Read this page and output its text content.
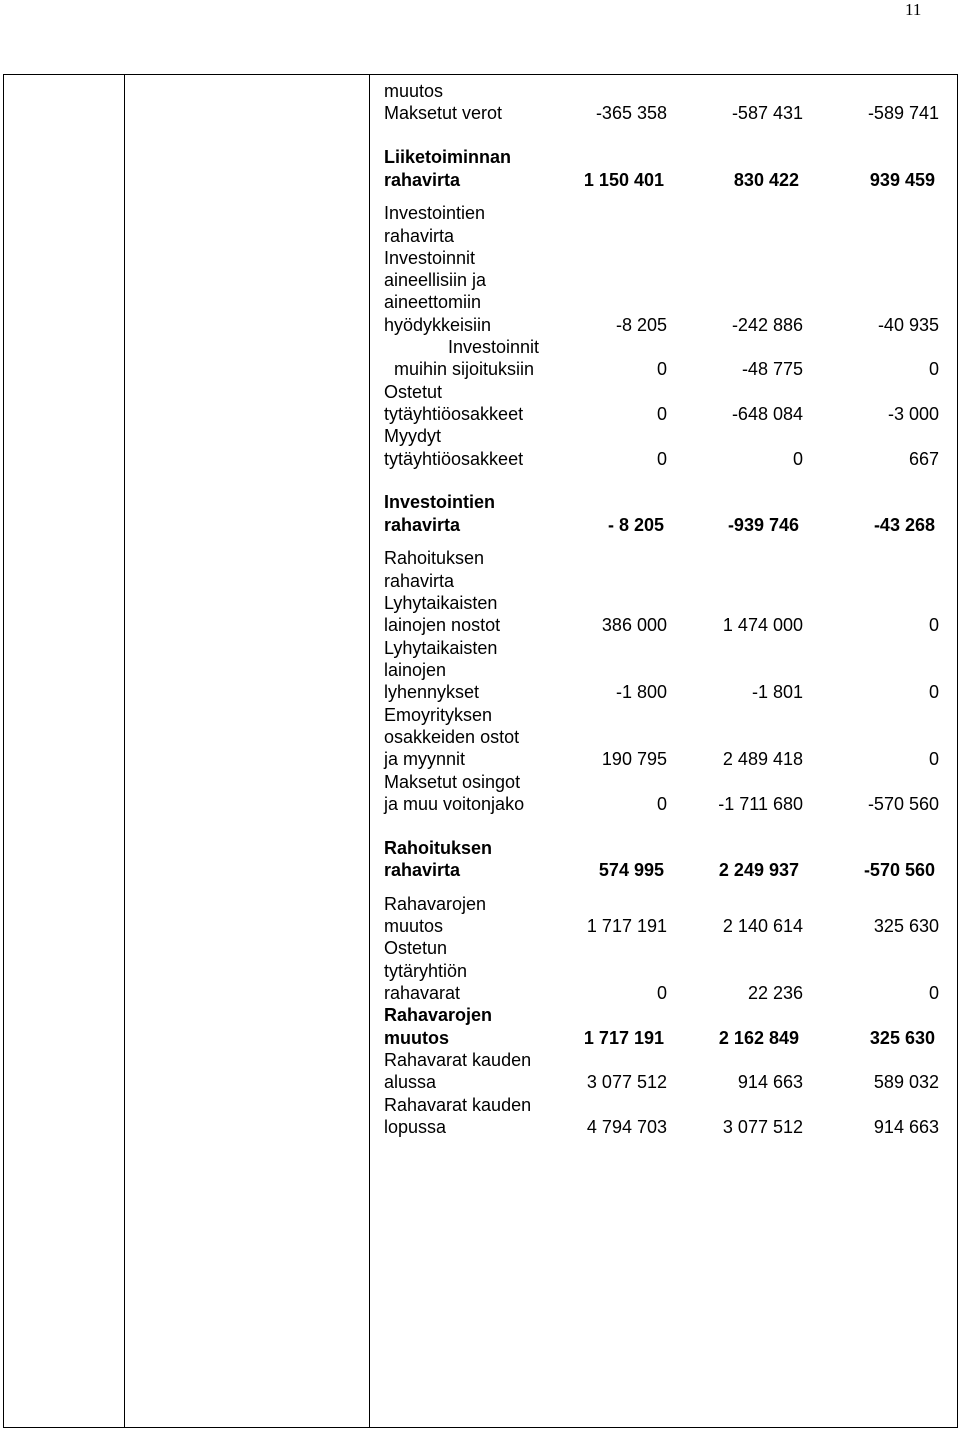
11
muutos
Maksetut verot	-365 358	-587 431	-589 741
Liiketoiminnan
rahavirta	1 150 401	830 422	939 459
Investointien
rahavirta
Investoinnit
aineellisiin ja
aineettomiin
hyödykkeisiin	-8 205	-242 886	-40 935
Investoinnit
muihin sijoituksiin	0	-48 775	0
Ostetut
tytäyhtiöosakkeet	0	-648 084	-3 000
Myydyt
tytäyhtiöosakkeet	0	0	667
Investointien
rahavirta	- 8 205	-939 746	-43 268
Rahoituksen
rahavirta
Lyhytaikaisten
lainojen nostot	386 000	1 474 000	0
Lyhytaikaisten
lainojen
lyhennykset	-1 800	-1 801	0
Emoyrityksen
osakkeiden ostot
ja myynnit	190 795	2 489 418	0
Maksetut osingot
ja muu voitonjako	0	-1 711 680	-570 560
Rahoituksen
rahavirta	574 995	2 249 937	-570 560
Rahavarojen
muutos	1 717 191	2 140 614	325 630
Ostetun
tytäryhtiön
rahavarat	0	22 236	0
Rahavarojen
muutos	1 717 191	2 162 849	325 630
Rahavarat kauden
alussa	3 077 512	914 663	589 032
Rahavarat kauden
lopussa	4 794 703	3 077 512	914 663
